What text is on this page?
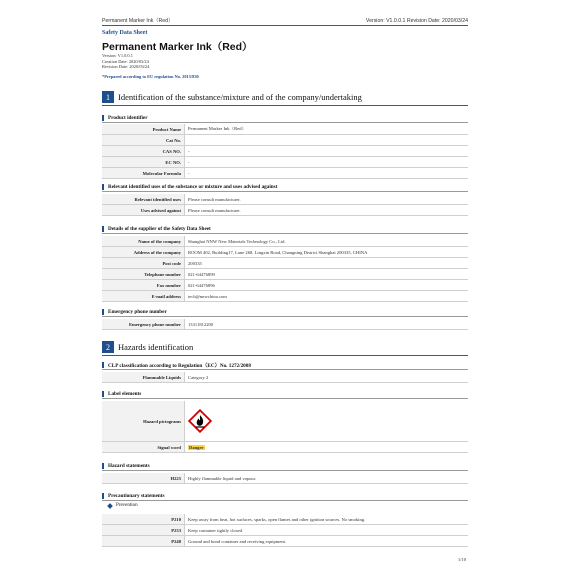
Permanent Marker Ink（Red）	Version: V1.0.0.1 Revision Date: 2020/03/24
Safety Data Sheet
Permanent Marker Ink（Red）
Version: V1.0.0.1
Creation Date: 2020/03/24
Revision Date: 2020/03/24
*Prepared according to EU regulation No. 2015/830
1 Identification of the substance/mixture and of the company/undertaking
Product identifier
Product Name	Permanent Marker Ink（Red）
Cat No.	
CAS NO.	-
EC NO.	-
Molecular Formula	-
Relevant identified uses of the substance or mixture and uses advised against
Relevant identified uses	Please consult manufacturer.
Uses advised against	Please consult manufacturer.
Details of the supplier of the Safety Data Sheet
Name of the company	Shanghai NNW New Materials Technology Co., Ltd.
Address of the company	ROOM 402, Building17, Lane 268, Lingxin Road, Changning District Shanghai 200335, CHINA
Post code	200335
Telephone number	021-64476899
Fax number	021-64476896
E-mail address	tech@nnwchina.com
Emergency phone number
Emergency phone number	13311812200
2 Hazards identification
CLP classification according to Regulation（EC）No. 1272/2008
Flammable Liquids	Category 2
Label elements
Hazard pictograms	
Signal word	Danger
Hazard statements
H225	Highly flammable liquid and vapour.
Precautionary statements
Prevention
P210	Keep away from heat, hot surfaces, sparks, open flames and other ignition sources. No smoking.
P233	Keep container tightly closed.
P240	Ground and bond container and receiving equipment.
1/10
